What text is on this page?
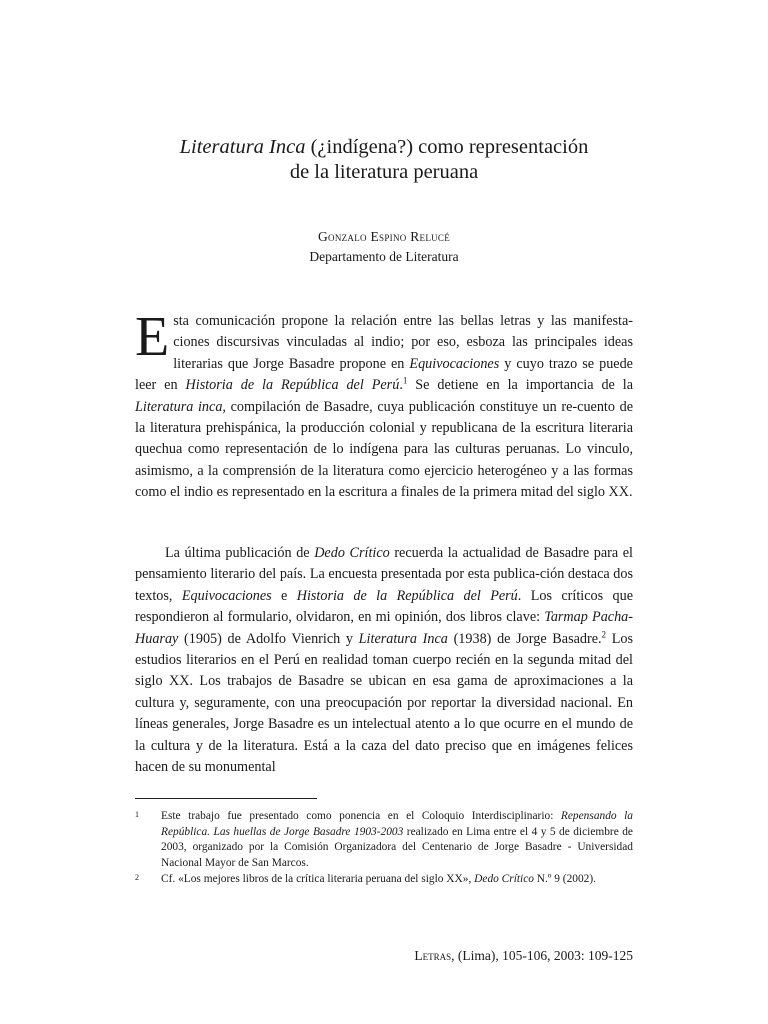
Literatura Inca (¿indígena?) como representación
de la literatura peruana
Gonzalo Espino Relucé
Departamento de Literatura
Esta comunicación propone la relación entre las bellas letras y las manifesta-ciones discursivas vinculadas al indio; por eso, esboza las principales ideas literarias que Jorge Basadre propone en Equivocaciones y cuyo trazo se puede leer en Historia de la República del Perú.$^1$ Se detiene en la importancia de la Literatura inca, compilación de Basadre, cuya publicación constituye un re-cuento de la literatura prehispánica, la producción colonial y republicana de la escritura literaria quechua como representación de lo indígena para las culturas peruanas. Lo vinculo, asimismo, a la comprensión de la literatura como ejercicio heterogéneo y a las formas como el indio es representado en la escritura a finales de la primera mitad del siglo XX.
La última publicación de Dedo Crítico recuerda la actualidad de Basadre para el pensamiento literario del país. La encuesta presentada por esta publica-ción destaca dos textos, Equivocaciones e Historia de la República del Perú. Los críticos que respondieron al formulario, olvidaron, en mi opinión, dos libros clave: Tarmap Pacha-Huaray (1905) de Adolfo Vienrich y Literatura Inca (1938) de Jorge Basadre.$^2$ Los estudios literarios en el Perú en realidad toman cuerpo recién en la segunda mitad del siglo XX. Los trabajos de Basadre se ubican en esa gama de aproximaciones a la cultura y, seguramente, con una preocupación por reportar la diversidad nacional. En líneas generales, Jorge Basadre es un intelectual atento a lo que ocurre en el mundo de la cultura y de la literatura. Está a la caza del dato preciso que en imágenes felices hacen de su monumental
1 Este trabajo fue presentado como ponencia en el Coloquio Interdisciplinario: Repensando la República. Las huellas de Jorge Basadre 1903-2003 realizado en Lima entre el 4 y 5 de diciembre de 2003, organizado por la Comisión Organizadora del Centenario de Jorge Basadre - Universidad Nacional Mayor de San Marcos.
2 Cf. «Los mejores libros de la crítica literaria peruana del siglo XX», Dedo Crítico N.º 9 (2002).
Letras, (Lima), 105-106, 2003: 109-125
